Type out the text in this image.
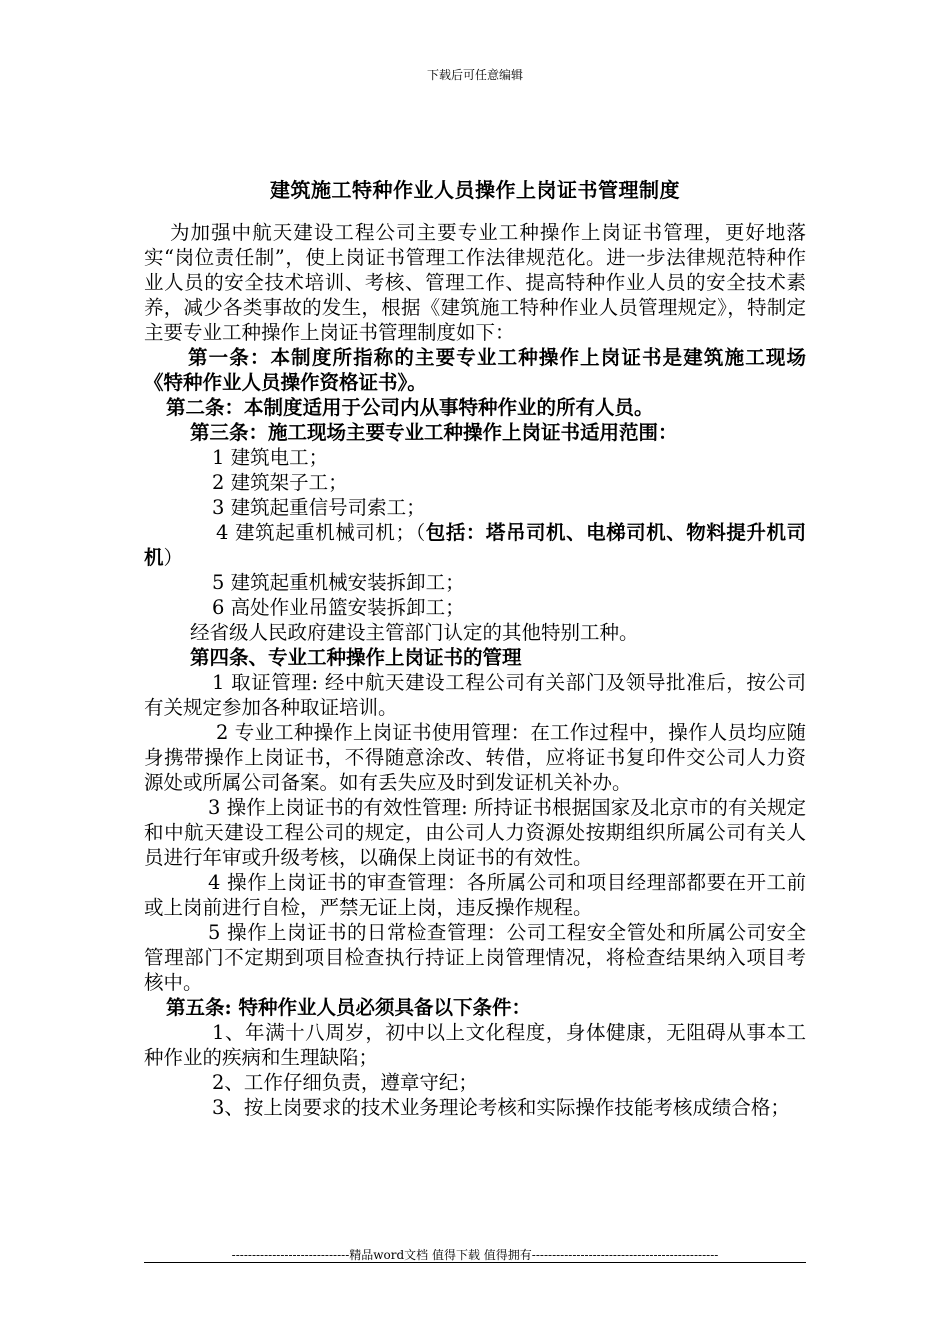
下载后可任意编辑
建筑施工特种作业人员操作上岗证书管理制度

为加强中航天建设工程公司主要专业工种操作上岗证书管理，更好地落实“岗位责任制”，使上岗证书管理工作法律规范化。进一步法律规范特种作业人员的安全技术培训、考核、管理工作、提高特种作业人员的安全技术素养，减少各类事故的发生，根据《建筑施工特种作业人员管理规定》，特制定主要专业工种操作上岗证书管理制度如下：

第一条：本制度所指称的主要专业工种操作上岗证书是建筑施工现场《特种作业人员操作资格证书》。

第二条：本制度适用于公司内从事特种作业的所有人员。

第三条：施工现场主要专业工种操作上岗证书适用范围：

1 建筑电工；

2 建筑架子工；

3 建筑起重信号司索工；

4 建筑起重机械司机；（包括：塔吊司机、电梯司机、物料提升机司机）

5 建筑起重机械安装拆卸工；

6 高处作业吊篮安装拆卸工；

经省级人民政府建设主管部门认定的其他特别工种。

第四条、专业工种操作上岗证书的管理

1 取证管理: 经中航天建设工程公司有关部门及领导批准后，按公司有关规定参加各种取证培训。

2 专业工种操作上岗证书使用管理：在工作过程中，操作人员均应随身携带操作上岗证书，不得随意涂改、转借，应将证书复印件交公司人力资源处或所属公司备案。如有丢失应及时到发证机关补办。

3 操作上岗证书的有效性管理: 所持证书根据国家及北京市的有关规定和中航天建设工程公司的规定，由公司人力资源处按期组织所属公司有关人员进行年审或升级考核，以确保上岗证书的有效性。

4 操作上岗证书的审查管理：各所属公司和项目经理部都要在开工前或上岗前进行自检，严禁无证上岗，违反操作规程。

5 操作上岗证书的日常检查管理：公司工程安全管处和所属公司安全管理部门不定期到项目检查执行持证上岗管理情况，将检查结果纳入项目考核中。

第五条: 特种作业人员必须具备以下条件：

1、年满十八周岁，初中以上文化程度，身体健康，无阻碍从事本工种作业的疾病和生理缺陷；

2、工作仔细负责，遵章守纪；

3、按上岗要求的技术业务理论考核和实际操作技能考核成绩合格；

-----------------------------精品word文档 值得下载 值得拥有----------------------------------------------
